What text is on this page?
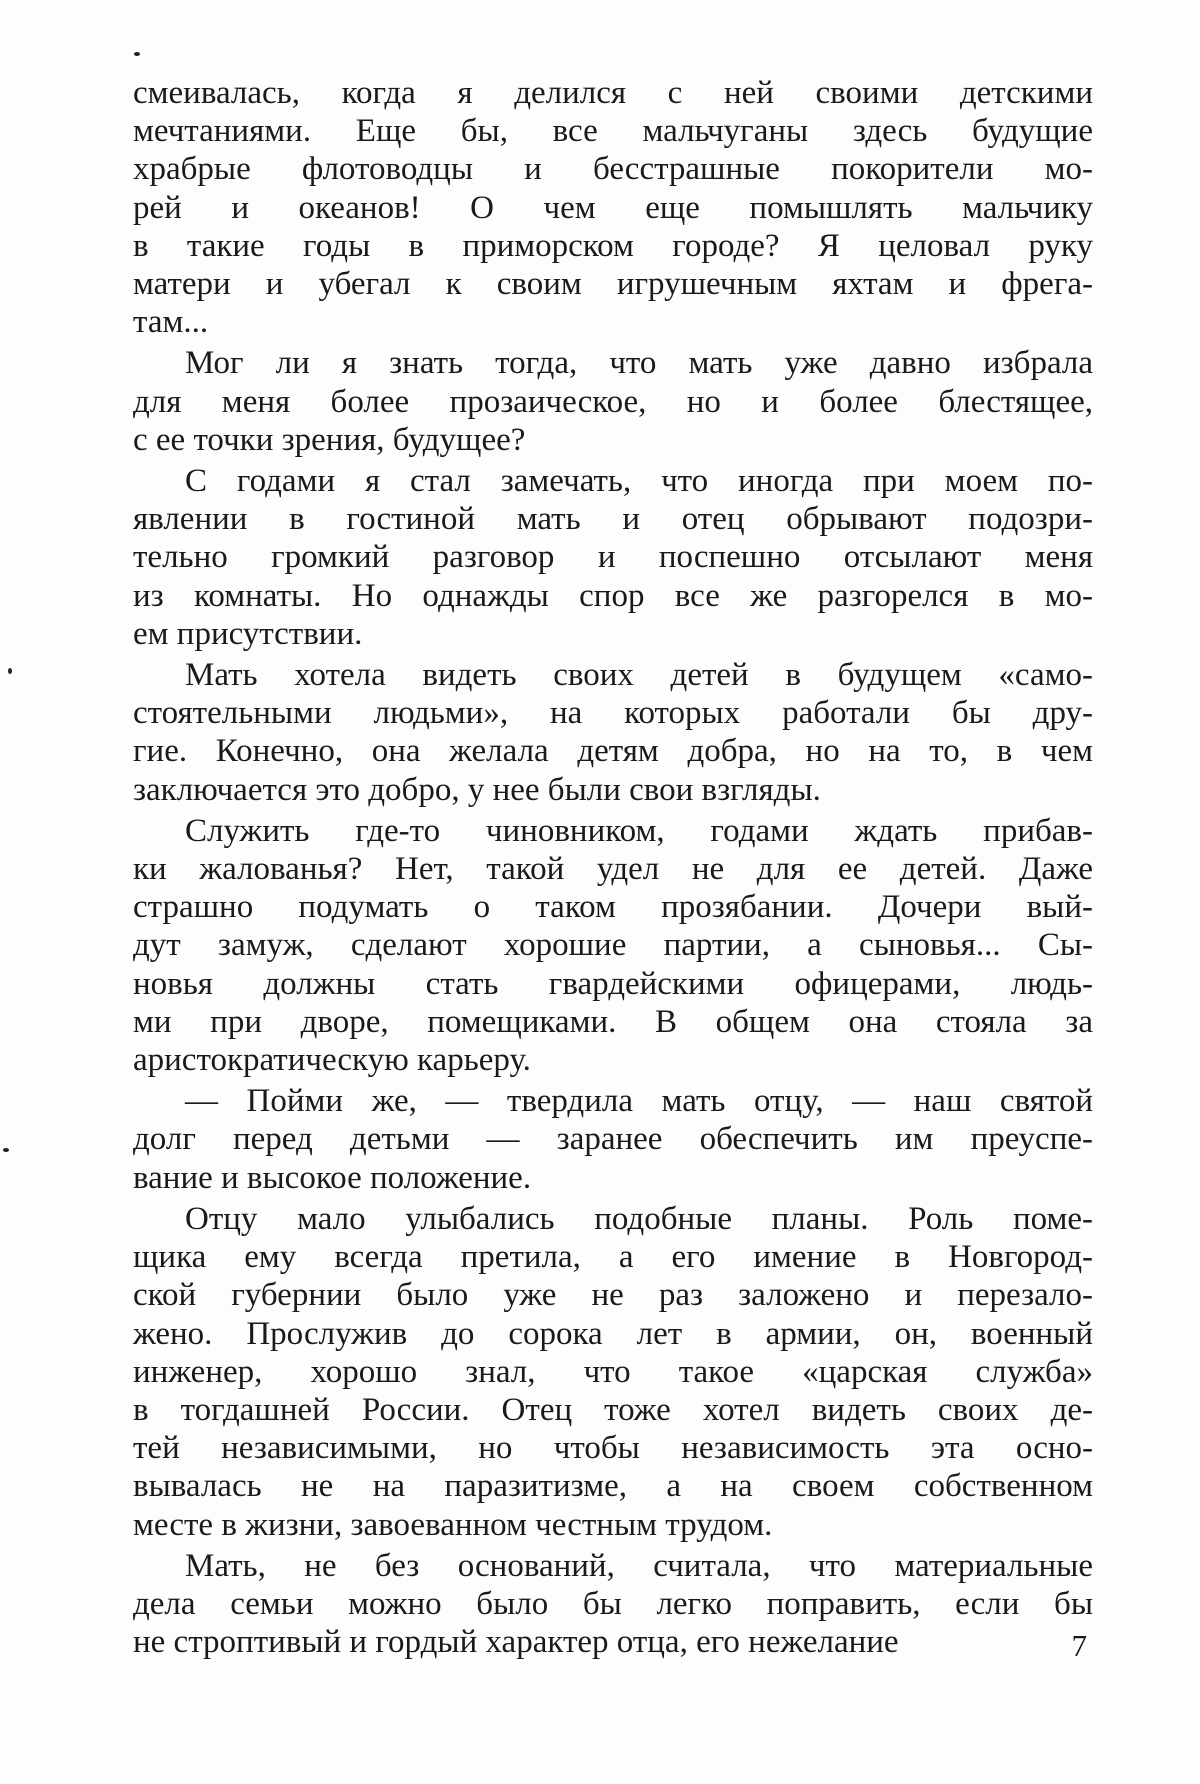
смеивалась, когда я делился с ней своими детскими
мечтаниями. Еще бы, все мальчуганы здесь будущие
храбрые флотоводцы и бесстрашные покорители мо-
рей и океанов! О чем еще помышлять мальчику
в такие годы в приморском городе? Я целовал руку
матери и убегал к своим игрушечным яхтам и фрега-
там...
Мог ли я знать тогда, что мать уже давно избрала
для меня более прозаическое, но и более блестящее,
с ее точки зрения, будущее?
С годами я стал замечать, что иногда при моем по-
явлении в гостиной мать и отец обрывают подозри-
тельно громкий разговор и поспешно отсылают меня
из комнаты. Но однажды спор все же разгорелся в мо-
ем присутствии.
Мать хотела видеть своих детей в будущем «само-
стоятельными людьми», на которых работали бы дру-
гие. Конечно, она желала детям добра, но на то, в чем
заключается это добро, у нее были свои взгляды.
Служить где-то чиновником, годами ждать прибав-
ки жалованья? Нет, такой удел не для ее детей. Даже
страшно подумать о таком прозябании. Дочери вый-
дут замуж, сделают хорошие партии, а сыновья... Сы-
новья должны стать гвардейскими офицерами, людь-
ми при дворе, помещиками. В общем она стояла за
аристократическую карьеру.
— Пойми же, — твердила мать отцу, — наш святой
долг перед детьми — заранее обеспечить им преуспе-
вание и высокое положение.
Отцу мало улыбались подобные планы. Роль поме-
щика ему всегда претила, а его имение в Новгород-
ской губернии было уже не раз заложено и перезало-
жено. Прослужив до сорока лет в армии, он, военный
инженер, хорошо знал, что такое «царская служба»
в тогдашней России. Отец тоже хотел видеть своих де-
тей независимыми, но чтобы независимость эта осно-
вывалась не на паразитизме, а на своем собственном
месте в жизни, завоеванном честным трудом.
Мать, не без оснований, считала, что материальные
дела семьи можно было бы легко поправить, если бы
не строптивый и гордый характер отца, его нежелание	7
